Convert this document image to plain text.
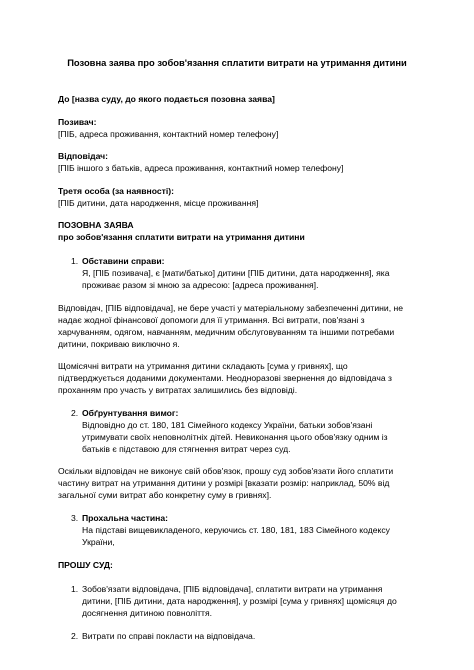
Позовна заява про зобов'язання сплатити витрати на утримання дитини

До [назва суду, до якого подається позовна заява]

Позивач:

[ПІБ, адреса проживання, контактний номер телефону]

Відповідач:

[ПІБ іншого з батьків, адреса проживання, контактний номер телефону]

Третя особа (за наявності):

[ПІБ дитини, дата народження, місце проживання]

ПОЗОВНА ЗАЯВА

про зобов'язання сплатити витрати на утримання дитини

1. Обставини справи:

Я, [ПІБ позивача], є [мати/батько] дитини [ПІБ дитини, дата народження], яка

проживає разом зі мною за адресою: [адреса проживання].

Відповідач, [ПІБ відповідача], не бере участі у матеріальному забезпеченні дитини, не

надає жодної фінансової допомоги для її утримання. Всі витрати, пов'язані з

харчуванням, одягом, навчанням, медичним обслуговуванням та іншими потребами

дитини, покриваю виключно я.

Щомісячні витрати на утримання дитини складають [сума у гривнях], що

підтверджується доданими документами. Неодноразові звернення до відповідача з

проханням про участь у витратах залишились без відповіді.

2. Обґрунтування вимог:

Відповідно до ст. 180, 181 Сімейного кодексу України, батьки зобов'язані

утримувати своїх неповнолітніх дітей. Невиконання цього обов'язку одним із

батьків є підставою для стягнення витрат через суд.

Оскільки відповідач не виконує свій обов'язок, прошу суд зобов'язати його сплатити

частину витрат на утримання дитини у розмірі [вказати розмір: наприклад, 50% від

загальної суми витрат або конкретну суму в гривнях].

3. Прохальна частина:

На підставі вищевикладеного, керуючись ст. 180, 181, 183 Сімейного кодексу

України,

ПРОШУ СУД:

1. Зобов'язати відповідача, [ПІБ відповідача], сплатити витрати на утримання

дитини, [ПІБ дитини, дата народження], у розмірі [сума у гривнях] щомісяця до

досягнення дитиною повноліття.

2. Витрати по справі покласти на відповідача.
